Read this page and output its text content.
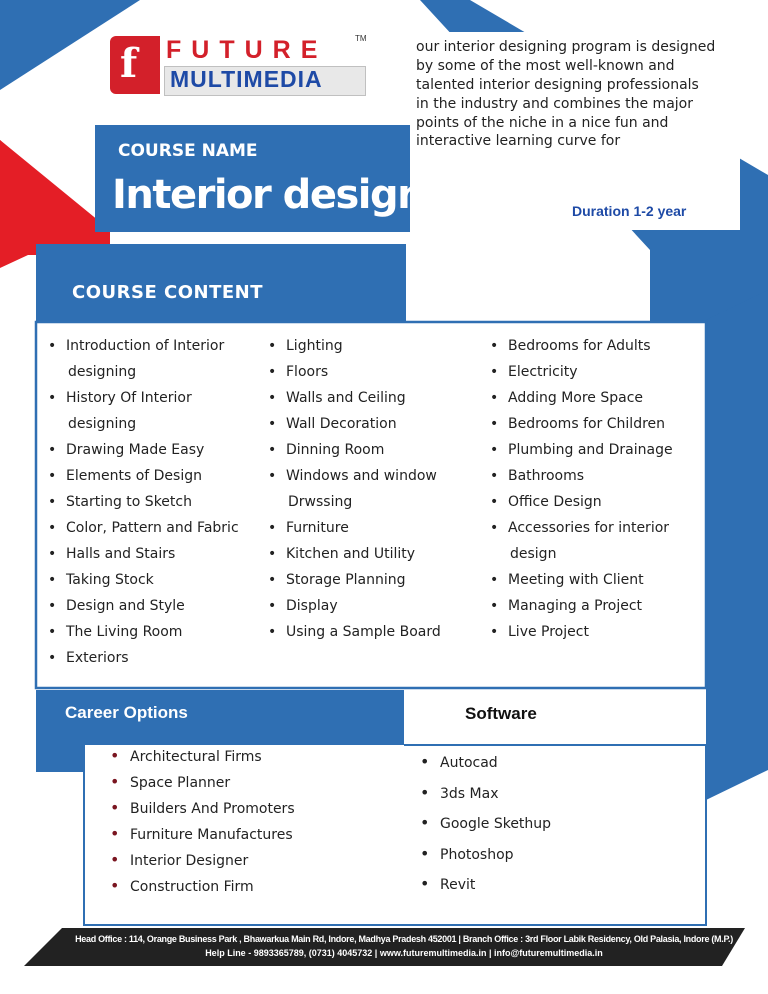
f FUTURE	TM
MULTIMEDIA
our interior designing program is designed by some of the most well-known and talented interior designing professionals in the industry and combines the major points of the niche in a nice fun and interactive learning curve for
COURSE NAME
Interior designing	Duration 1-2 year
COURSE CONTENT
• Introduction of Interior
designing
• History Of Interior
designing
• Drawing Made Easy
• Elements of Design
• Starting to Sketch
• Color, Pattern and Fabric
• Halls and Stairs
• Taking Stock
• Design and Style
• The Living Room
• Exteriors
• Lighting
• Floors
• Walls and Ceiling
• Wall Decoration
• Dinning Room
• Windows and window
Drwssing
• Furniture
• Kitchen and Utility
• Storage Planning
• Display
• Using a Sample Board
• Bedrooms for Adults
• Electricity
• Adding More Space
• Bedrooms for Children
• Plumbing and Drainage
• Bathrooms
• Office Design
• Accessories for interior
design
• Meeting with Client
• Managing a Project
• Live Project
Career Options	Software
• Architectural Firms
• Space Planner
• Builders And Promoters
• Furniture Manufactures
• Interior Designer
• Construction Firm
• Autocad
• 3ds Max
• Google Skethup
• Photoshop
• Revit
Head Office : 114, Orange Business Park , Bhawarkua Main Rd, Indore, Madhya Pradesh 452001 | Branch Office : 3rd Floor Labik Residency, Old Palasia, Indore (M.P.)
Help Line - 9893365789, (0731) 4045732 | www.futuremultimedia.in | info@futuremultimedia.in
